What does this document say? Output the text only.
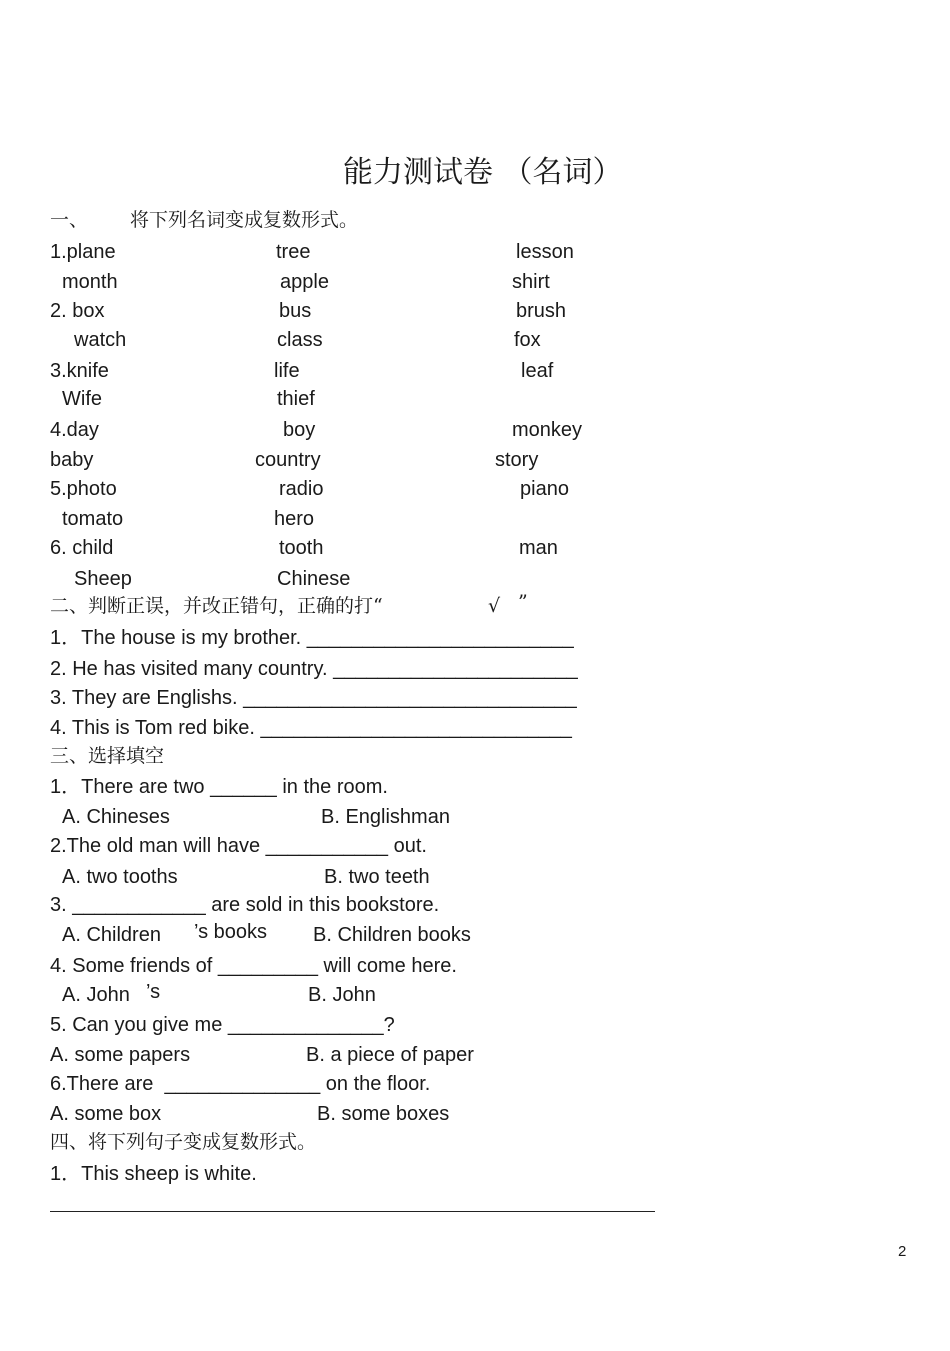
能力测试卷 （名词）
一、 将下列名词变成复数形式。
1.plane	tree	lesson
month	apple	shirt
2. box	bus	brush
watch	class	fox
3.knife	life	leaf
Wife	thief
4.day	boy	monkey
baby	country	story
5.photo	radio	piano
tomato	hero
6. child	tooth	man
Sheep	Chinese
二、判断正误，并改正错句，正确的打“	√ ”
1．The house is my brother. ________________________
2. He has visited many country. ______________________
3. They are Englishs. ______________________________
4. This is Tom red bike. ____________________________
三、选择填空
1．There are two ______ in the room.
A. Chineses	B. Englishman
2.The old man will have ___________ out.
A. two tooths	B. two teeth
3. ____________ are sold in this bookstore.
A. Children ’s books B. Children books
4. Some friends of _________ will come here.
A. John ’s	B. John
5. Can you give me ______________?
A. some papers	B. a piece of paper
6.There are  ______________ on the floor.
A. some box	B. some boxes
四、将下列句子变成复数形式。
1．This sheep is white.
2
